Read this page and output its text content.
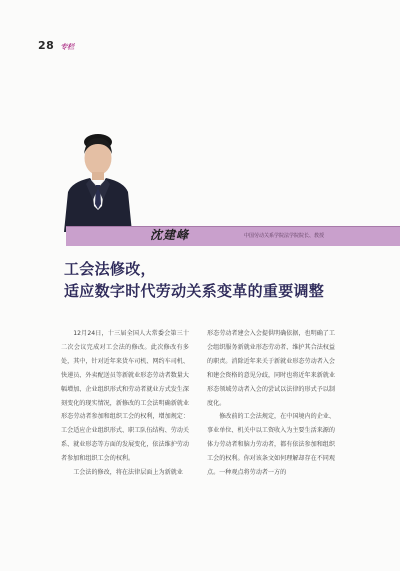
28 专栏
沈建峰	中国劳动关系学院法学院院长、教授
工会法修改，
适应数字时代劳动关系变革的重要调整

12月24日，十三届全国人大常委会第三十二次会议完成对工会法的修改。此次修改有多处，其中，针对近年来货车司机、网约车司机、快递员、外卖配送员等新就业形态劳动者数量大幅增加、企业组织形式和劳动者就业方式发生深刻变化的现实情况，新修改的工会法明确新就业形态劳动者参加和组织工会的权利，增加规定：工会适应企业组织形式、职工队伍结构、劳动关系、就业形态等方面的发展变化，依法维护劳动者参加和组织工会的权利。

工会法的修改，将在法律层面上为新就业

形态劳动者建会入会提供明确依据，也明确了工会组织服务新就业形态劳动者、维护其合法权益的职责。消除近年来关于新就业形态劳动者入会和建会资格的意见分歧，同时也将近年来新就业形态领域劳动者入会的尝试以法律的形式予以制度化。

修改前的工会法规定，在中国境内的企业、事业单位、机关中以工资收入为主要生活来源的体力劳动者和脑力劳动者，都有依法参加和组织工会的权利。你对该条文如何理解却存在不同观点。一种观点将劳动者一方的
